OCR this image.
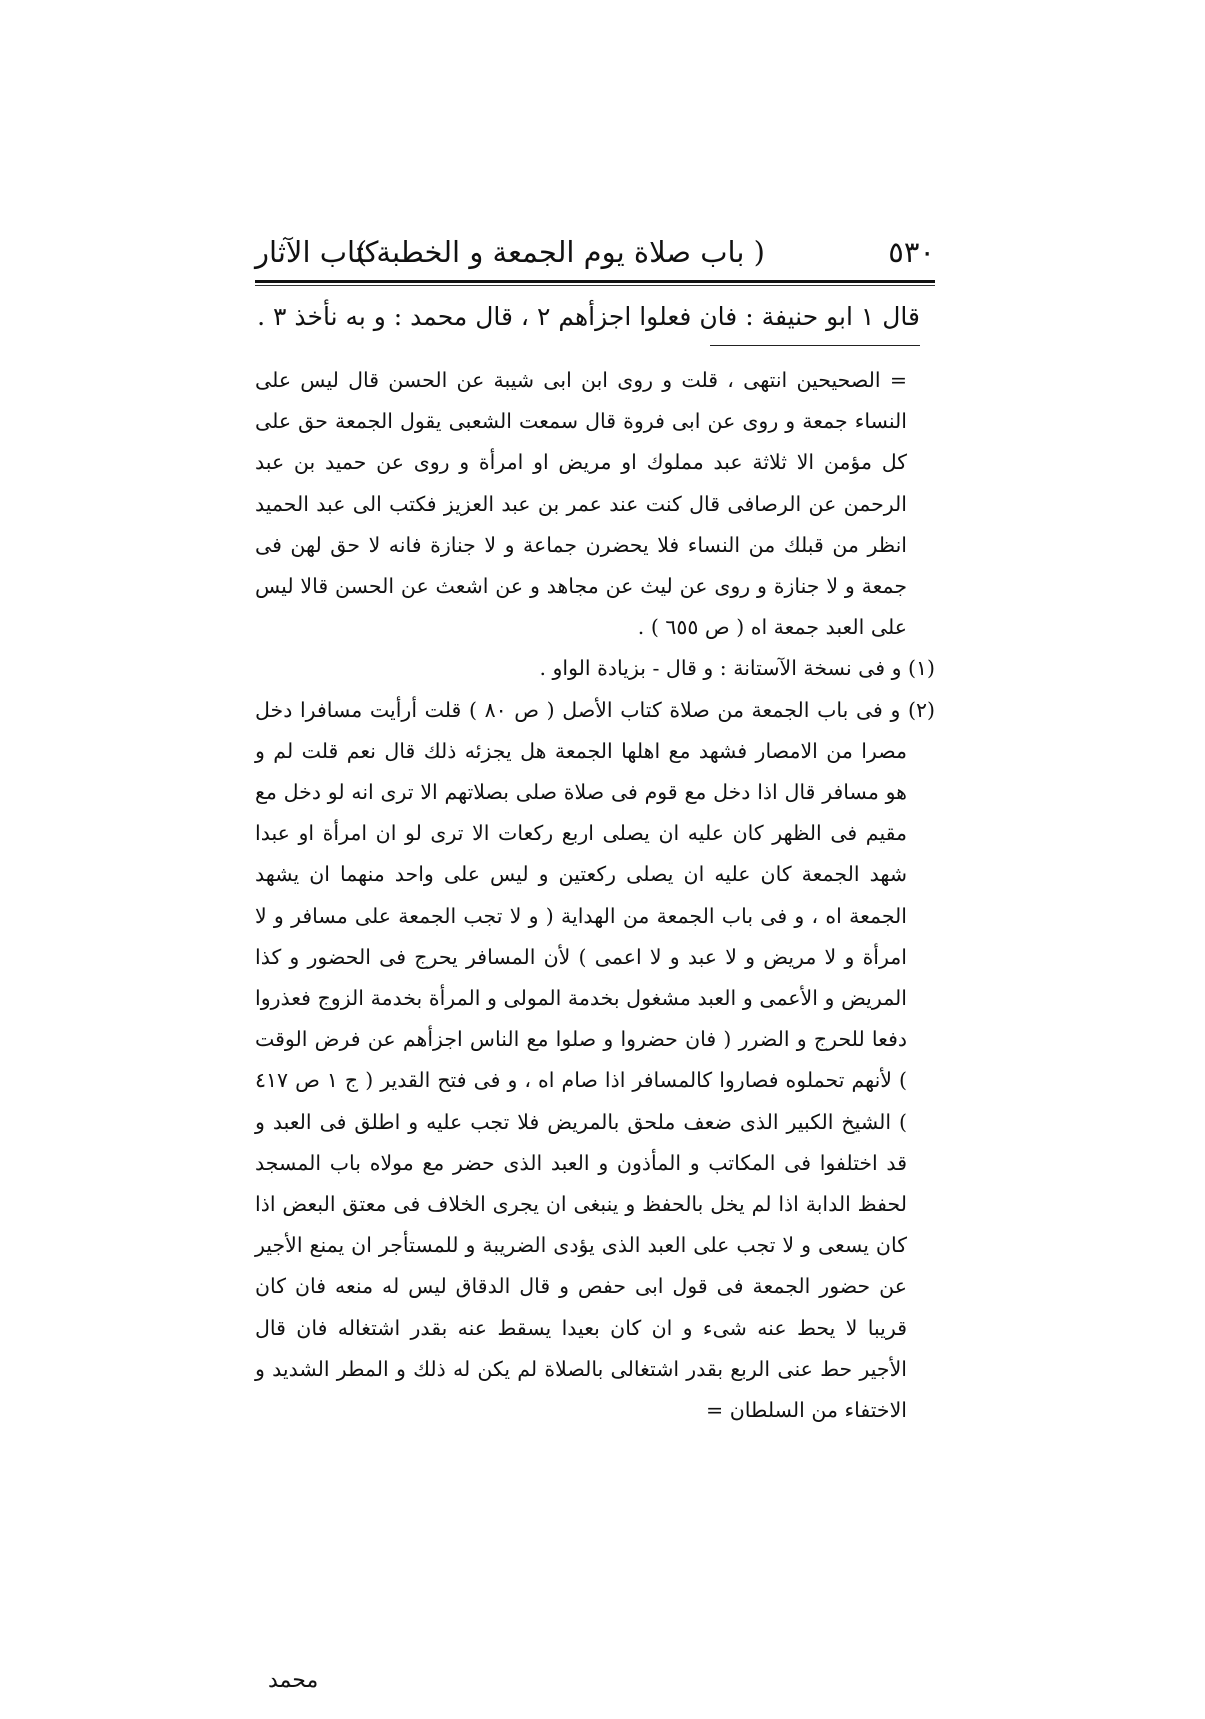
٥٣٠
( باب صلاة يوم الجمعة و الخطبة )
كتاب الآثار
قال ١ ابو حنيفة : فان فعلوا اجزأهم ٢ ، قال محمد : و به نأخذ ٣ .

= الصحيحين انتهى ، قلت و روى ابن ابى شيبة عن الحسن قال ليس على النساء جمعة و روى عن ابى فروة قال سمعت الشعبى يقول الجمعة حق على كل مؤمن الا ثلاثة عبد مملوك او مريض او امرأة و روى عن حميد بن عبد الرحمن عن الرصافى قال كنت عند عمر بن عبد العزيز فكتب الى عبد الحميد انظر من قبلك من النساء فلا يحضرن جماعة و لا جنازة فانه لا حق لهن فى جمعة و لا جنازة و روى عن ليث عن مجاهد و عن اشعث عن الحسن قالا ليس على العبد جمعة اه ( ص ٦٥٥ ) .

(١) و فى نسخة الآستانة : و قال - بزيادة الواو .

(٢) و فى باب الجمعة من صلاة كتاب الأصل ( ص ٨٠ ) قلت أرأيت مسافرا دخل مصرا من الامصار فشهد مع اهلها الجمعة هل يجزئه ذلك قال نعم قلت لم و هو مسافر قال اذا دخل مع قوم فى صلاة صلى بصلاتهم الا ترى انه لو دخل مع مقيم فى الظهر كان عليه ان يصلى اربع ركعات الا ترى لو ان امرأة او عبدا شهد الجمعة كان عليه ان يصلى ركعتين و ليس على واحد منهما ان يشهد الجمعة اه ، و فى باب الجمعة من الهداية ( و لا تجب الجمعة على مسافر و لا امرأة و لا مريض و لا عبد و لا اعمى ) لأن المسافر يحرج فى الحضور و كذا المريض و الأعمى و العبد مشغول بخدمة المولى و المرأة بخدمة الزوج فعذروا دفعا للحرج و الضرر ( فان حضروا و صلوا مع الناس اجزأهم عن فرض الوقت ) لأنهم تحملوه فصاروا كالمسافر اذا صام اه ، و فى فتح القدير ( ج ١ ص ٤١٧ ) الشيخ الكبير الذى ضعف ملحق بالمريض فلا تجب عليه و اطلق فى العبد و قد اختلفوا فى المكاتب و المأذون و العبد الذى حضر مع مولاه باب المسجد لحفظ الدابة اذا لم يخل بالحفظ و ينبغى ان يجرى الخلاف فى معتق البعض اذا كان يسعى و لا تجب على العبد الذى يؤدى الضريبة و للمستأجر ان يمنع الأجير عن حضور الجمعة فى قول ابى حفص و قال الدقاق ليس له منعه فان كان قريبا لا يحط عنه شىء و ان كان بعيدا يسقط عنه بقدر اشتغاله فان قال الأجير حط عنى الربع بقدر اشتغالى بالصلاة لم يكن له ذلك و المطر الشديد و الاختفاء من السلطان =

محمد
